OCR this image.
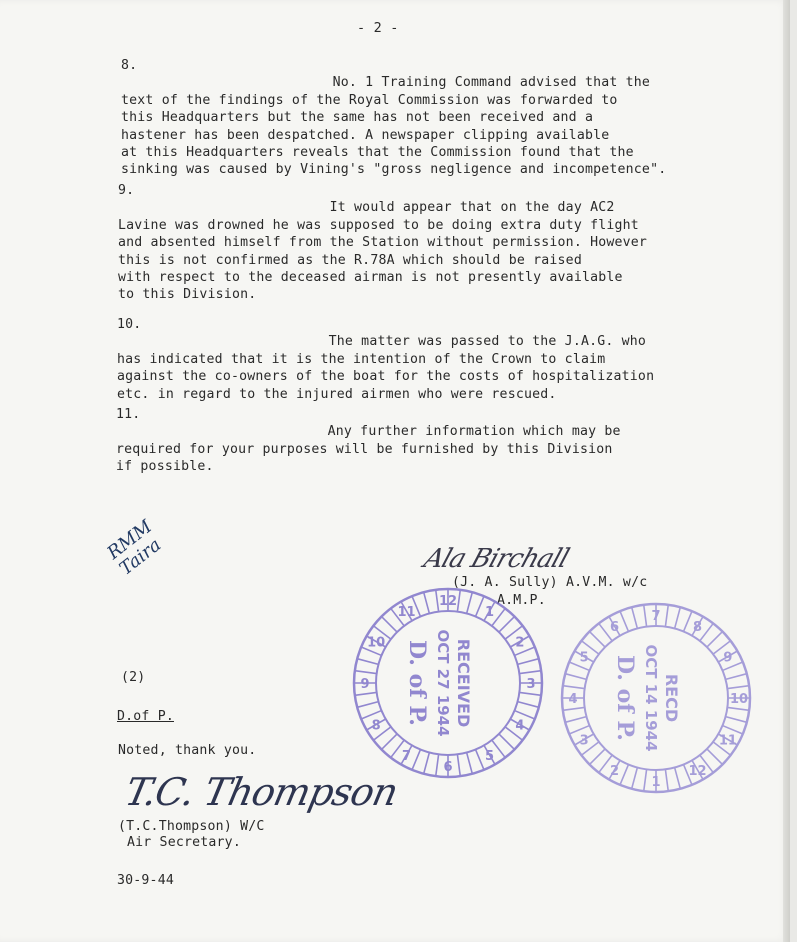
- 2 -
8.
No. 1 Training Command advised that the
text of the findings of the Royal Commission was forwarded to
this Headquarters but the same has not been received and a
hastener has been despatched. A newspaper clipping available
at this Headquarters reveals that the Commission found that the
sinking was caused by Vining's "gross negligence and incompetence".
9.
It would appear that on the day AC2
Lavine was drowned he was supposed to be doing extra duty flight
and absented himself from the Station without permission. However
this is not confirmed as the R.78A which should be raised
with respect to the deceased airman is not presently available
to this Division.
10.
The matter was passed to the J.A.G. who
has indicated that it is the intention of the Crown to claim
against the co-owners of the boat for the costs of hospitalization
etc. in regard to the injured airmen who were rescued.
11.
Any further information which may be
required for your purposes will be furnished by this Division
if possible.
RMM
Taira	Ala Birchall
(J. A. Sully) A.V.M. w/c
A.M.P.
12
1
2
3
4
5
6
7
8
9
10
11
RECEIVED
OCT 27 1944
D. of P.
8
9
10
11
12
1
2
3
4
5
6
7
RECD
OCT 14 1944
D. of P.
(2)
D.of P.
Noted, thank you.
T.C. Thompson
(T.C.Thompson) W/C
Air Secretary.
30-9-44
